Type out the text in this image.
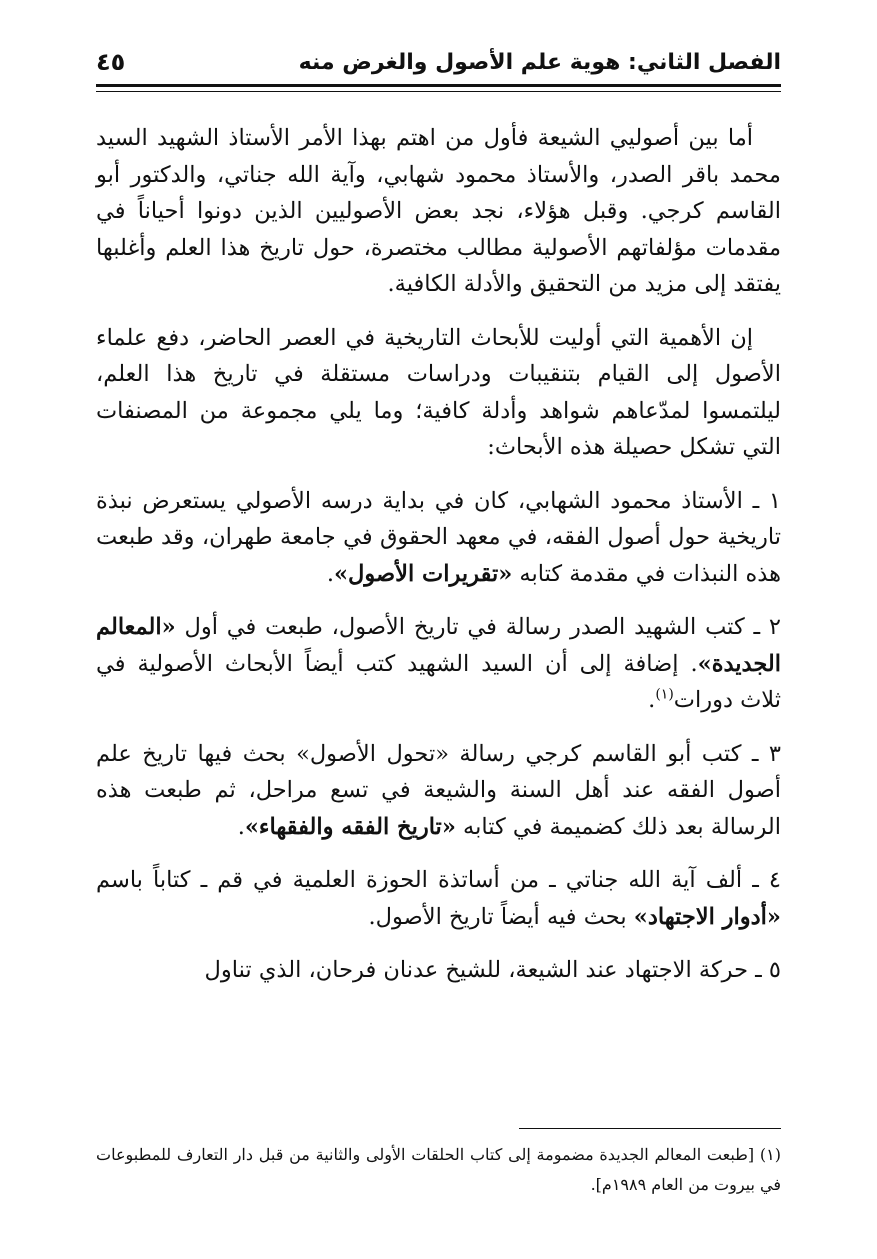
الفصل الثاني: هوية علم الأصول والغرض منه
٤٥

أما بين أصوليي الشيعة فأول من اهتم بهذا الأمر الأستاذ الشهيد السيد محمد باقر الصدر، والأستاذ محمود شهابي، وآية الله جناتي، والدكتور أبو القاسم كرجي. وقبل هؤلاء، نجد بعض الأصوليين الذين دونوا أحياناً في مقدمات مؤلفاتهم الأصولية مطالب مختصرة، حول تاريخ هذا العلم وأغلبها يفتقد إلى مزيد من التحقيق والأدلة الكافية.

إن الأهمية التي أوليت للأبحاث التاريخية في العصر الحاضر، دفع علماء الأصول إلى القيام بتنقيبات ودراسات مستقلة في تاريخ هذا العلم، ليلتمسوا لمدّعاهم شواهد وأدلة كافية؛ وما يلي مجموعة من المصنفات التي تشكل حصيلة هذه الأبحاث:

١ ـ الأستاذ محمود الشهابي، كان في بداية درسه الأصولي يستعرض نبذة تاريخية حول أصول الفقه، في معهد الحقوق في جامعة طهران، وقد طبعت هذه النبذات في مقدمة كتابه «تقريرات الأصول».

٢ ـ كتب الشهيد الصدر رسالة في تاريخ الأصول، طبعت في أول «المعالم الجديدة». إضافة إلى أن السيد الشهيد كتب أيضاً الأبحاث الأصولية في ثلاث دورات$^{(١)}$.

٣ ـ كتب أبو القاسم كرجي رسالة «تحول الأصول» بحث فيها تاريخ علم أصول الفقه عند أهل السنة والشيعة في تسع مراحل، ثم طبعت هذه الرسالة بعد ذلك كضميمة في كتابه «تاريخ الفقه والفقهاء».

٤ ـ ألف آية الله جناتي ـ من أساتذة الحوزة العلمية في قم ـ كتاباً باسم «أدوار الاجتهاد» بحث فيه أيضاً تاريخ الأصول.

٥ ـ حركة الاجتهاد عند الشيعة، للشيخ عدنان فرحان، الذي تناول

(١) [طبعت المعالم الجديدة مضمومة إلى كتاب الحلقات الأولى والثانية من قبل دار التعارف للمطبوعات في بيروت من العام ١٩٨٩م].
